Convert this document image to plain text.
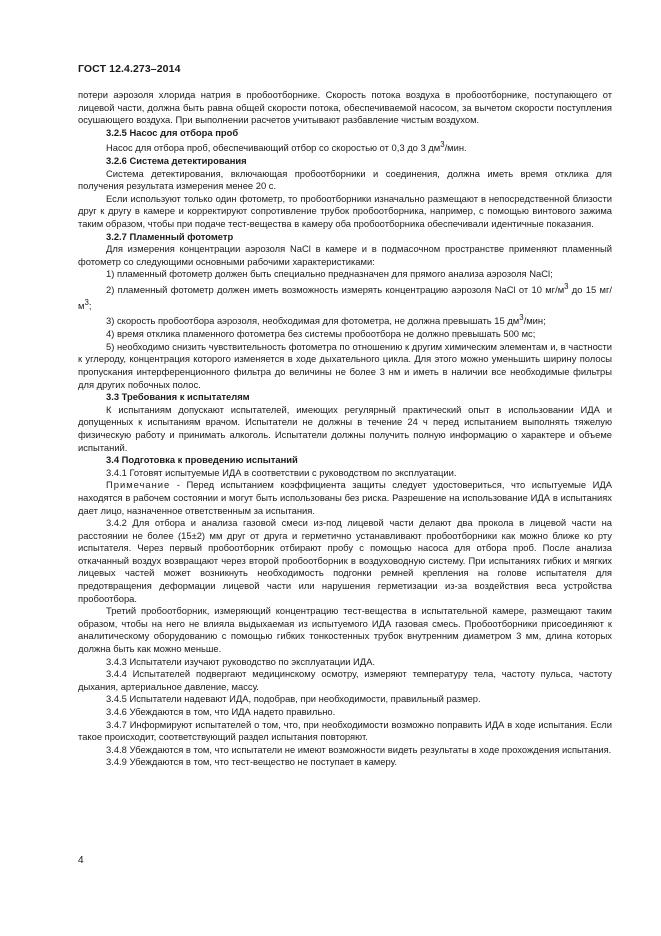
ГОСТ 12.4.273–2014

потери аэрозоля хлорида натрия в пробоотборнике. Скорость потока воздуха в пробоотборнике, поступающего от лицевой части, должна быть равна общей скорости потока, обеспечиваемой насосом, за вычетом скорости поступления осушающего воздуха. При выполнении расчетов учитывают разбавление чистым воздухом.

3.2.5 Насос для отбора проб

Насос для отбора проб, обеспечивающий отбор со скоростью от 0,3 до 3 $дм^3$/мин.

3.2.6 Система детектирования

Система детектирования, включающая пробоотборники и соединения, должна иметь время отклика для получения результата измерения менее 20 с.

Если используют только один фотометр, то пробоотборники изначально размещают в непосредственной близости друг к другу в камере и корректируют сопротивление трубок пробоотборника, например, с помощью винтового зажима таким образом, чтобы при подаче тест-вещества в камеру оба пробоотборника обеспечивали идентичные показания.

3.2.7 Пламенный фотометр

Для измерения концентрации аэрозоля NaCl в камере и в подмасочном пространстве применяют пламенный фотометр со следующими основными рабочими характеристиками:

1) пламенный фотометр должен быть специально предназначен для прямого анализа аэрозоля NaCl;

2) пламенный фотометр должен иметь возможность измерять концентрацию аэрозоля NaCl от 10 $мг/м^3$ до 15 $мг/м^3$;

3) скорость пробоотбора аэрозоля, необходимая для фотометра, не должна превышать 15 $дм^3$/мин;

4) время отклика пламенного фотометра без системы пробоотбора не должно превышать 500 мс;

5) необходимо снизить чувствительность фотометра по отношению к другим химическим элементам и, в частности к углероду, концентрация которого изменяется в ходе дыхательного цикла. Для этого можно уменьшить ширину полосы пропускания интерференционного фильтра до величины не более 3 нм и иметь в наличии все необходимые фильтры для других побочных полос.

3.3 Требования к испытателям

К испытаниям допускают испытателей, имеющих регулярный практический опыт в использовании ИДА и допущенных к испытаниям врачом. Испытатели не должны в течение 24 ч перед испытанием выполнять тяжелую физическую работу и принимать алкоголь. Испытатели должны получить полную информацию о характере и объеме испытаний.

3.4 Подготовка к проведению испытаний

3.4.1 Готовят испытуемые ИДА в соответствии с руководством по эксплуатации.

Примечание - Перед испытанием коэффициента защиты следует удостовериться, что испытуемые ИДА находятся в рабочем состоянии и могут быть использованы без риска. Разрешение на использование ИДА в испытаниях дает лицо, назначенное ответственным за испытания.

3.4.2 Для отбора и анализа газовой смеси из-под лицевой части делают два прокола в лицевой части на расстоянии не более (15±2) мм друг от друга и герметично устанавливают пробоотборники как можно ближе ко рту испытателя. Через первый пробоотборник отбирают пробу с помощью насоса для отбора проб. После анализа откачанный воздух возвращают через второй пробоотборник в воздуховодную систему. При испытаниях гибких и мягких лицевых частей может возникнуть необходимость подгонки ремней крепления на голове испытателя для предотвращения деформации лицевой части или нарушения герметизации из-за воздействия веса устройства пробоотбора.

Третий пробоотборник, измеряющий концентрацию тест-вещества в испытательной камере, размещают таким образом, чтобы на него не влияла выдыхаемая из испытуемого ИДА газовая смесь. Пробоотборники присоединяют к аналитическому оборудованию с помощью гибких тонкостенных трубок внутренним диаметром 3 мм, длина которых должна быть как можно меньше.

3.4.3 Испытатели изучают руководство по эксплуатации ИДА.

3.4.4 Испытателей подвергают медицинскому осмотру, измеряют температуру тела, частоту пульса, частоту дыхания, артериальное давление, массу.

3.4.5 Испытатели надевают ИДА, подобрав, при необходимости, правильный размер.

3.4.6 Убеждаются в том, что ИДА надето правильно.

3.4.7 Информируют испытателей о том, что, при необходимости возможно поправить ИДА в ходе испытания. Если такое происходит, соответствующий раздел испытания повторяют.

3.4.8 Убеждаются в том, что испытатели не имеют возможности видеть результаты в ходе прохождения испытания.

3.4.9 Убеждаются в том, что тест-вещество не поступает в камеру.

4
